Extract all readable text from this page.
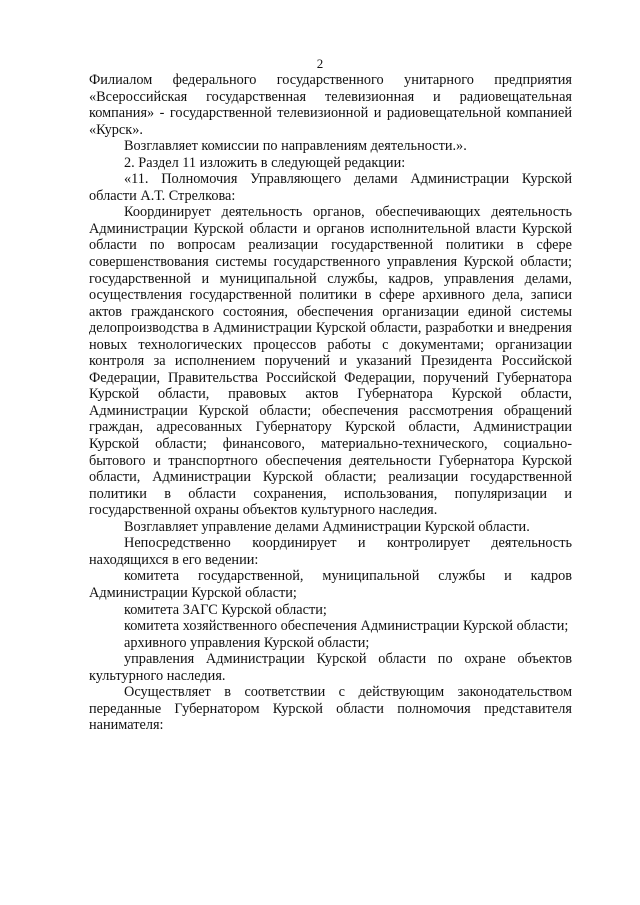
2

Филиалом федерального государственного унитарного предприятия «Всероссийская государственная телевизионная и радиовещательная компания» - государственной телевизионной и радиовещательной компанией «Курск».

Возглавляет комиссии по направлениям деятельности.».

2. Раздел 11 изложить в следующей редакции:

«11. Полномочия Управляющего делами Администрации Курской области А.Т. Стрелкова:

Координирует деятельность органов, обеспечивающих деятельность Администрации Курской области и органов исполнительной власти Курской области по вопросам реализации государственной политики в сфере совершенствования системы государственного управления Курской области; государственной и муниципальной службы, кадров, управления делами, осуществления государственной политики в сфере архивного дела, записи актов гражданского состояния, обеспечения организации единой системы делопроизводства в Администрации Курской области, разработки и внедрения новых технологических процессов работы с документами; организации контроля за исполнением поручений и указаний Президента Российской Федерации, Правительства Российской Федерации, поручений Губернатора Курской области, правовых актов Губернатора Курской области, Администрации Курской области; обеспечения рассмотрения обращений граждан, адресованных Губернатору Курской области, Администрации Курской области; финансового, материально-технического, социально-бытового и транспортного обеспечения деятельности Губернатора Курской области, Администрации Курской области; реализации государственной политики в области сохранения, использования, популяризации и государственной охраны объектов культурного наследия.

Возглавляет управление делами Администрации Курской области.

Непосредственно координирует и контролирует деятельность находящихся в его ведении:

комитета государственной, муниципальной службы и кадров Администрации Курской области;

комитета ЗАГС Курской области;

комитета хозяйственного обеспечения Администрации Курской области;

архивного управления Курской области;

управления Администрации Курской области по охране объектов культурного наследия.

Осуществляет в соответствии с действующим законодательством переданные Губернатором Курской области полномочия представителя нанимателя:
